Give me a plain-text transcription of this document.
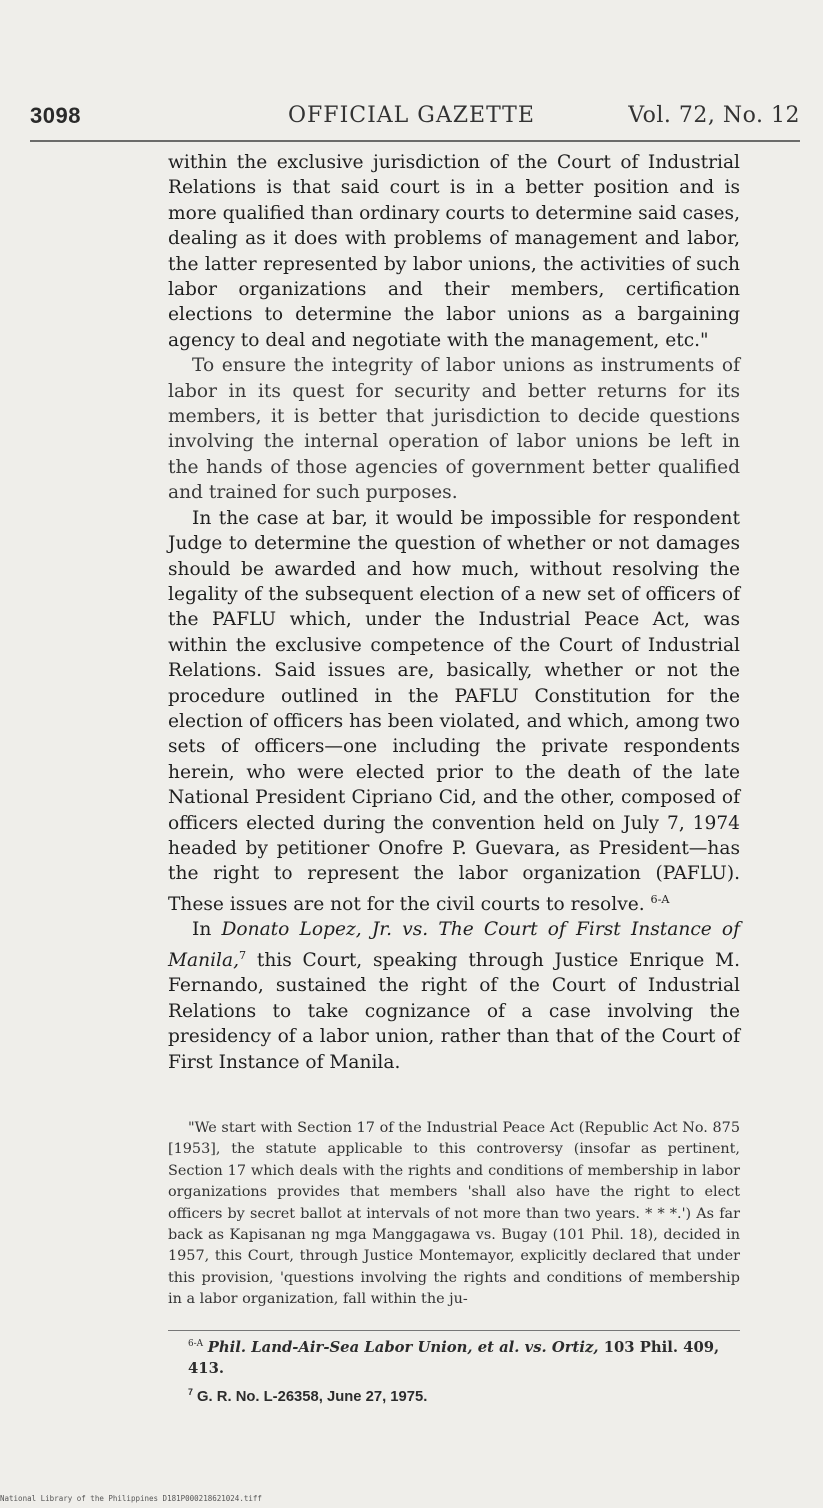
3098	OFFICIAL GAZETTE	Vol. 72, No. 12

within the exclusive jurisdiction of the Court of Industrial Relations is that said court is in a better position and is more qualified than ordinary courts to determine said cases, dealing as it does with problems of management and labor, the latter represented by labor unions, the activities of such labor organizations and their members, certification elections to determine the labor unions as a bargaining agency to deal and negotiate with the management, etc."

To ensure the integrity of labor unions as instruments of labor in its quest for security and better returns for its members, it is better that jurisdiction to decide questions involving the internal operation of labor unions be left in the hands of those agencies of government better qualified and trained for such purposes.

In the case at bar, it would be impossible for respondent Judge to determine the question of whether or not damages should be awarded and how much, without resolving the legality of the subsequent election of a new set of officers of the PAFLU which, under the Industrial Peace Act, was within the exclusive competence of the Court of Industrial Relations. Said issues are, basically, whether or not the procedure outlined in the PAFLU Constitution for the election of officers has been violated, and which, among two sets of officers—one including the private respondents herein, who were elected prior to the death of the late National President Cipriano Cid, and the other, composed of officers elected during the convention held on July 7, 1974 headed by petitioner Onofre P. Guevara, as President—has the right to represent the labor organization (PAFLU). These issues are not for the civil courts to resolve. $^{6-A}$

In Donato Lopez, Jr. vs. The Court of First Instance of Manila,$^7$ this Court, speaking through Justice Enrique M. Fernando, sustained the right of the Court of Industrial Relations to take cognizance of a case involving the presidency of a labor union, rather than that of the Court of First Instance of Manila.

"We start with Section 17 of the Industrial Peace Act (Republic Act No. 875 [1953], the statute applicable to this controversy (insofar as pertinent, Section 17 which deals with the rights and conditions of membership in labor organizations provides that members 'shall also have the right to elect officers by secret ballot at intervals of not more than two years. * * *.') As far back as Kapisanan ng mga Manggagawa vs. Bugay (101 Phil. 18), decided in 1957, this Court, through Justice Montemayor, explicitly declared that under this provision, 'questions involving the rights and conditions of membership in a labor organization, fall within the ju-
$^{6-A}$ Phil. Land-Air-Sea Labor Union, et al. vs. Ortiz, 103 Phil. 409, 413.
$^7$ G. R. No. L-26358, June 27, 1975.
National Library of the Philippines D181P000218621024.tiff
